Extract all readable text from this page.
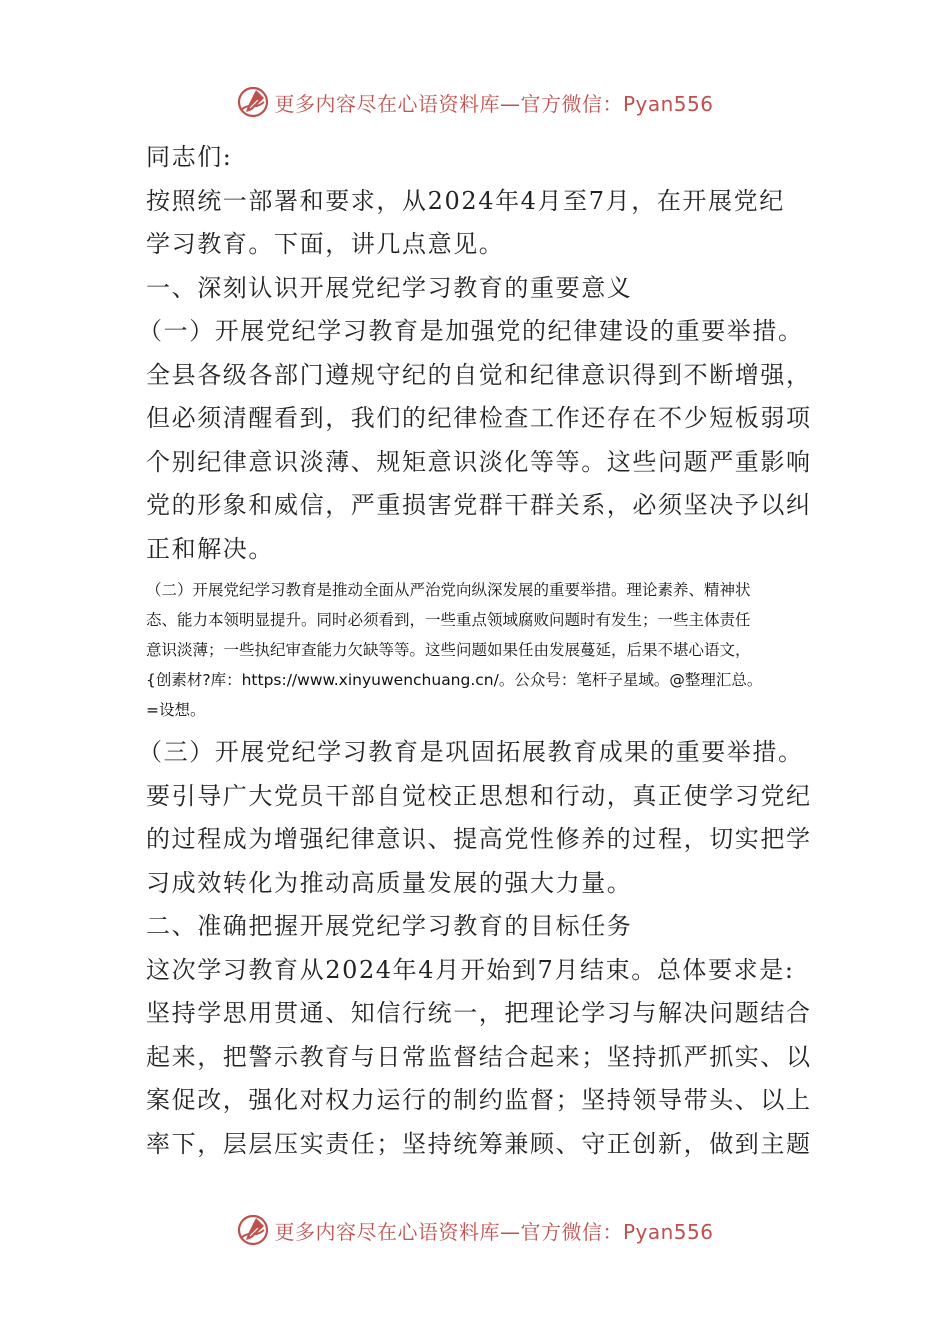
更多内容尽在心语资料库—官方微信：Pyan556

同志们:

按照统一部署和要求，从2024年4月至7月，在开展党纪

学习教育。下面，讲几点意见。

一、深刻认识开展党纪学习教育的重要意义

（一）开展党纪学习教育是加强党的纪律建设的重要举措。

全县各级各部门遵规守纪的自觉和纪律意识得到不断增强，

但必须清醒看到，我们的纪律检查工作还存在不少短板弱项

个别纪律意识淡薄、规矩意识淡化等等。这些问题严重影响

党的形象和威信，严重损害党群干群关系，必须坚决予以纠

正和解决。

（二）开展党纪学习教育是推动全面从严治党向纵深发展的重要举措。理论素养、精神状
态、能力本领明显提升。同时必须看到，一些重点领域腐败问题时有发生；一些主体责任
意识淡薄；一些执纪审查能力欠缺等等。这些问题如果任由发展蔓延，后果不堪心语文，
{创素材?库：https://www.xinyuwenchuang.cn/。公众号：笔杆子星域。@整理汇总。
=设想。

（三）开展党纪学习教育是巩固拓展教育成果的重要举措。

要引导广大党员干部自觉校正思想和行动，真正使学习党纪

的过程成为增强纪律意识、提高党性修养的过程，切实把学

习成效转化为推动高质量发展的强大力量。

二、准确把握开展党纪学习教育的目标任务

这次学习教育从2024年4月开始到7月结束。总体要求是:

坚持学思用贯通、知信行统一，把理论学习与解决问题结合

起来，把警示教育与日常监督结合起来；坚持抓严抓实、以

案促改，强化对权力运行的制约监督；坚持领导带头、以上

率下，层层压实责任；坚持统筹兼顾、守正创新，做到主题

更多内容尽在心语资料库—官方微信：Pyan556
